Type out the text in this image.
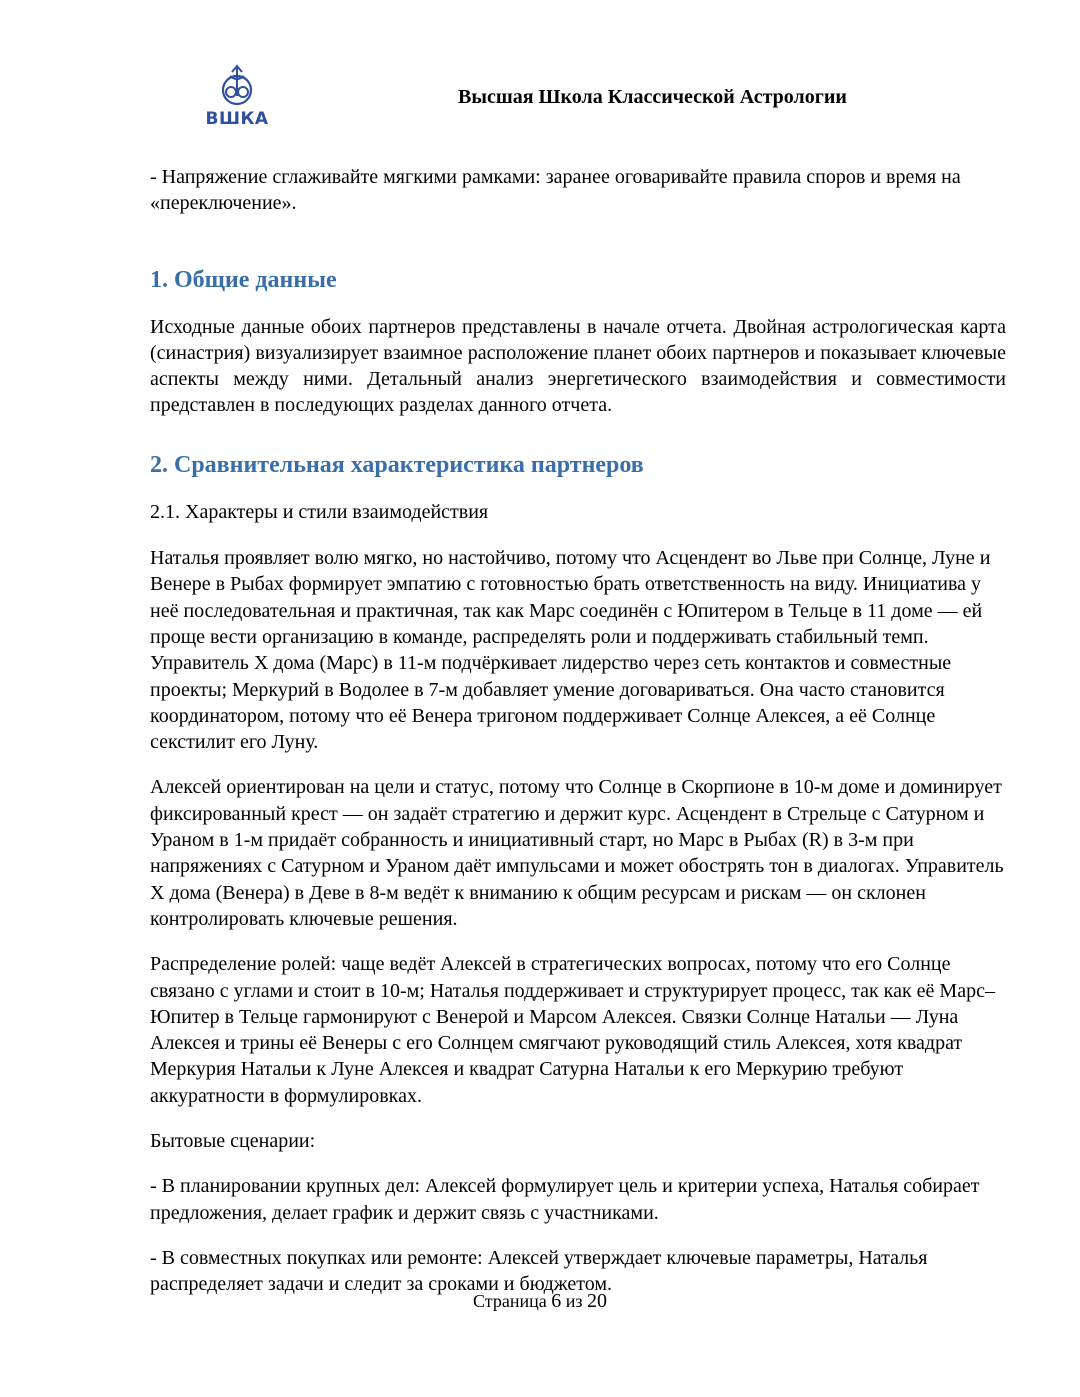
ВШКА
Высшая Школа Классической Астрологии

- Напряжение сглаживайте мягкими рамками: заранее оговаривайте правила споров и время на «переключение».

1. Общие данные

Исходные данные обоих партнеров представлены в начале отчета. Двойная астрологическая карта (синастрия) визуализирует взаимное расположение планет обоих партнеров и показывает ключевые аспекты между ними. Детальный анализ энергетического взаимодействия и совместимости представлен в последующих разделах данного отчета.

2. Сравнительная характеристика партнеров

2.1. Характеры и стили взаимодействия

Наталья проявляет волю мягко, но настойчиво, потому что Асцендент во Льве при Солнце, Луне и Венере в Рыбах формирует эмпатию с готовностью брать ответственность на виду. Инициатива у неё последовательная и практичная, так как Марс соединён с Юпитером в Тельце в 11 доме — ей проще вести организацию в команде, распределять роли и поддерживать стабильный темп. Управитель X дома (Марс) в 11-м подчёркивает лидерство через сеть контактов и совместные проекты; Меркурий в Водолее в 7-м добавляет умение договариваться. Она часто становится координатором, потому что её Венера тригоном поддерживает Солнце Алексея, а её Солнце секстилит его Луну.

Алексей ориентирован на цели и статус, потому что Солнце в Скорпионе в 10-м доме и доминирует фиксированный крест — он задаёт стратегию и держит курс. Асцендент в Стрельце с Сатурном и Ураном в 1-м придаёт собранность и инициативный старт, но Марс в Рыбах (R) в 3-м при напряжениях с Сатурном и Ураном даёт импульсами и может обострять тон в диалогах. Управитель X дома (Венера) в Деве в 8-м ведёт к вниманию к общим ресурсам и рискам — он склонен контролировать ключевые решения.

Распределение ролей: чаще ведёт Алексей в стратегических вопросах, потому что его Солнце связано с углами и стоит в 10-м; Наталья поддерживает и структурирует процесс, так как её Марс–Юпитер в Тельце гармонируют с Венерой и Марсом Алексея. Связки Солнце Натальи — Луна Алексея и трины её Венеры с его Солнцем смягчают руководящий стиль Алексея, хотя квадрат Меркурия Натальи к Луне Алексея и квадрат Сатурна Натальи к его Меркурию требуют аккуратности в формулировках.

Бытовые сценарии:

- В планировании крупных дел: Алексей формулирует цель и критерии успеха, Наталья собирает предложения, делает график и держит связь с участниками.

- В совместных покупках или ремонте: Алексей утверждает ключевые параметры, Наталья распределяет задачи и следит за сроками и бюджетом.

Страница 6 из 20
